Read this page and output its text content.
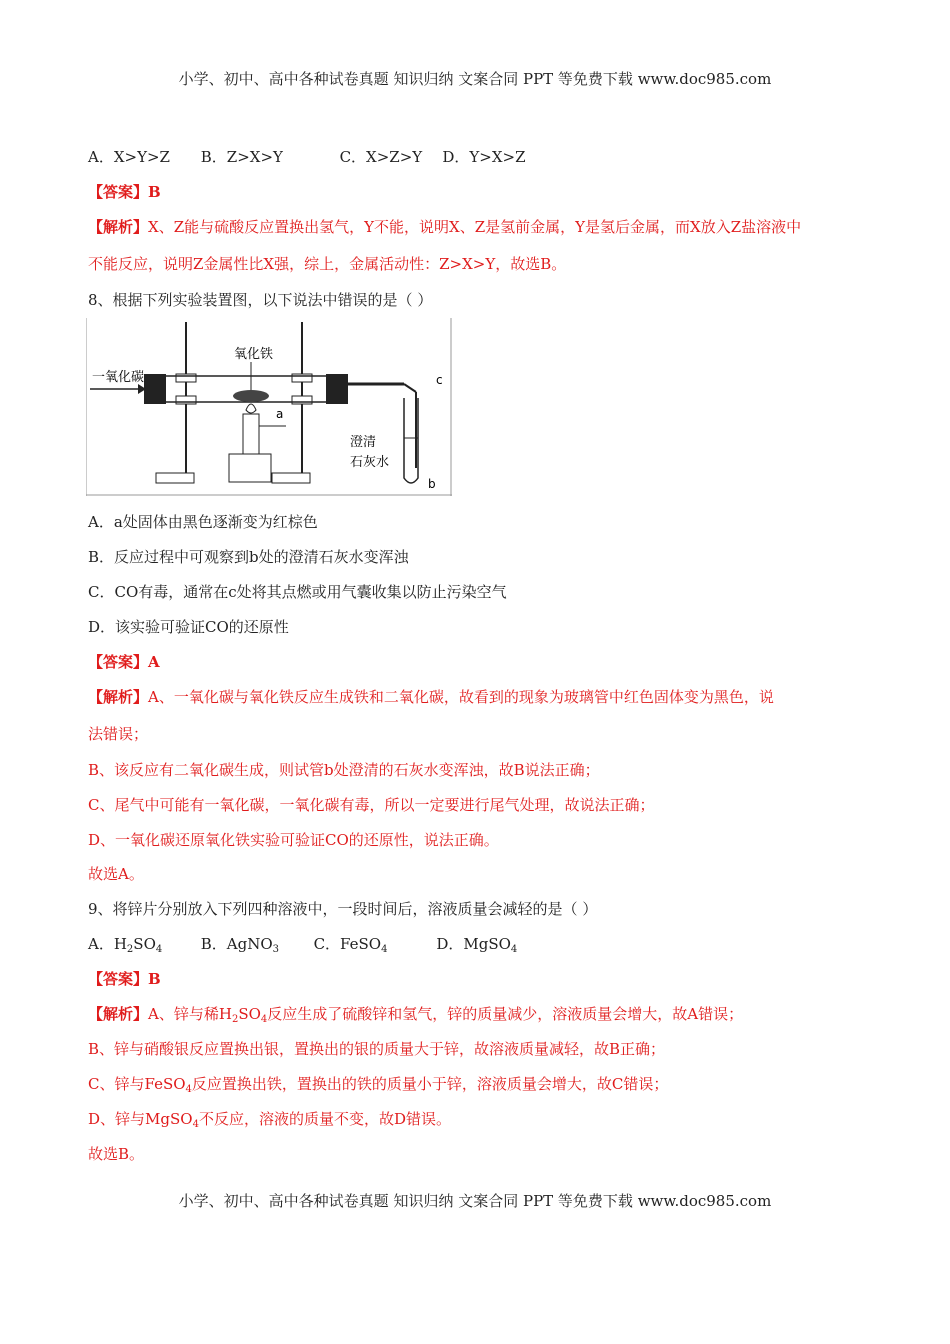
小学、初中、高中各种试卷真题 知识归纳 文案合同 PPT 等免费下载 www.doc985.com
A．X>Y>Z B．Z>X>Y	C．X>Z>Y D．Y>X>Z
【答案】B
【解析】X、Z能与硫酸反应置换出氢气，Y不能，说明X、Z是氢前金属，Y是氢后金属，而X放入Z盐溶液中
不能反应，说明Z金属性比X强，综上，金属活动性：Z>X>Y，故选B。
8、根据下列实验装置图，以下说法中错误的是（ ）
一氧化碳
氧化铁
a
c
b
澄清
石灰水
A．a处固体由黑色逐渐变为红棕色
B．反应过程中可观察到b处的澄清石灰水变浑浊
C．CO有毒，通常在c处将其点燃或用气囊收集以防止污染空气
D．该实验可验证CO的还原性
【答案】A
【解析】A、一氧化碳与氧化铁反应生成铁和二氧化碳，故看到的现象为玻璃管中红色固体变为黑色，说
法错误；
B、该反应有二氧化碳生成，则试管b处澄清的石灰水变浑浊，故B说法正确；
C、尾气中可能有一氧化碳，一氧化碳有毒，所以一定要进行尾气处理，故说法正确；
D、一氧化碳还原氧化铁实验可验证CO的还原性，说法正确。
故选A。
9、将锌片分别放入下列四种溶液中，一段时间后，溶液质量会减轻的是（ ）
A．$H_2SO_4$	B．AgNO$_3$ C．FeSO$_4$	D．MgSO$_4$
【答案】B
【解析】A、锌与稀$H_2SO_4$反应生成了硫酸锌和氢气，锌的质量减少，溶液质量会增大，故A错误；
B、锌与硝酸银反应置换出银，置换出的银的质量大于锌，故溶液质量减轻，故B正确；
C、锌与FeSO$_4$反应置换出铁，置换出的铁的质量小于锌，溶液质量会增大，故C错误；
D、锌与MgSO$_4$不反应，溶液的质量不变，故D错误。
故选B。
小学、初中、高中各种试卷真题 知识归纳 文案合同 PPT 等免费下载 www.doc985.com
